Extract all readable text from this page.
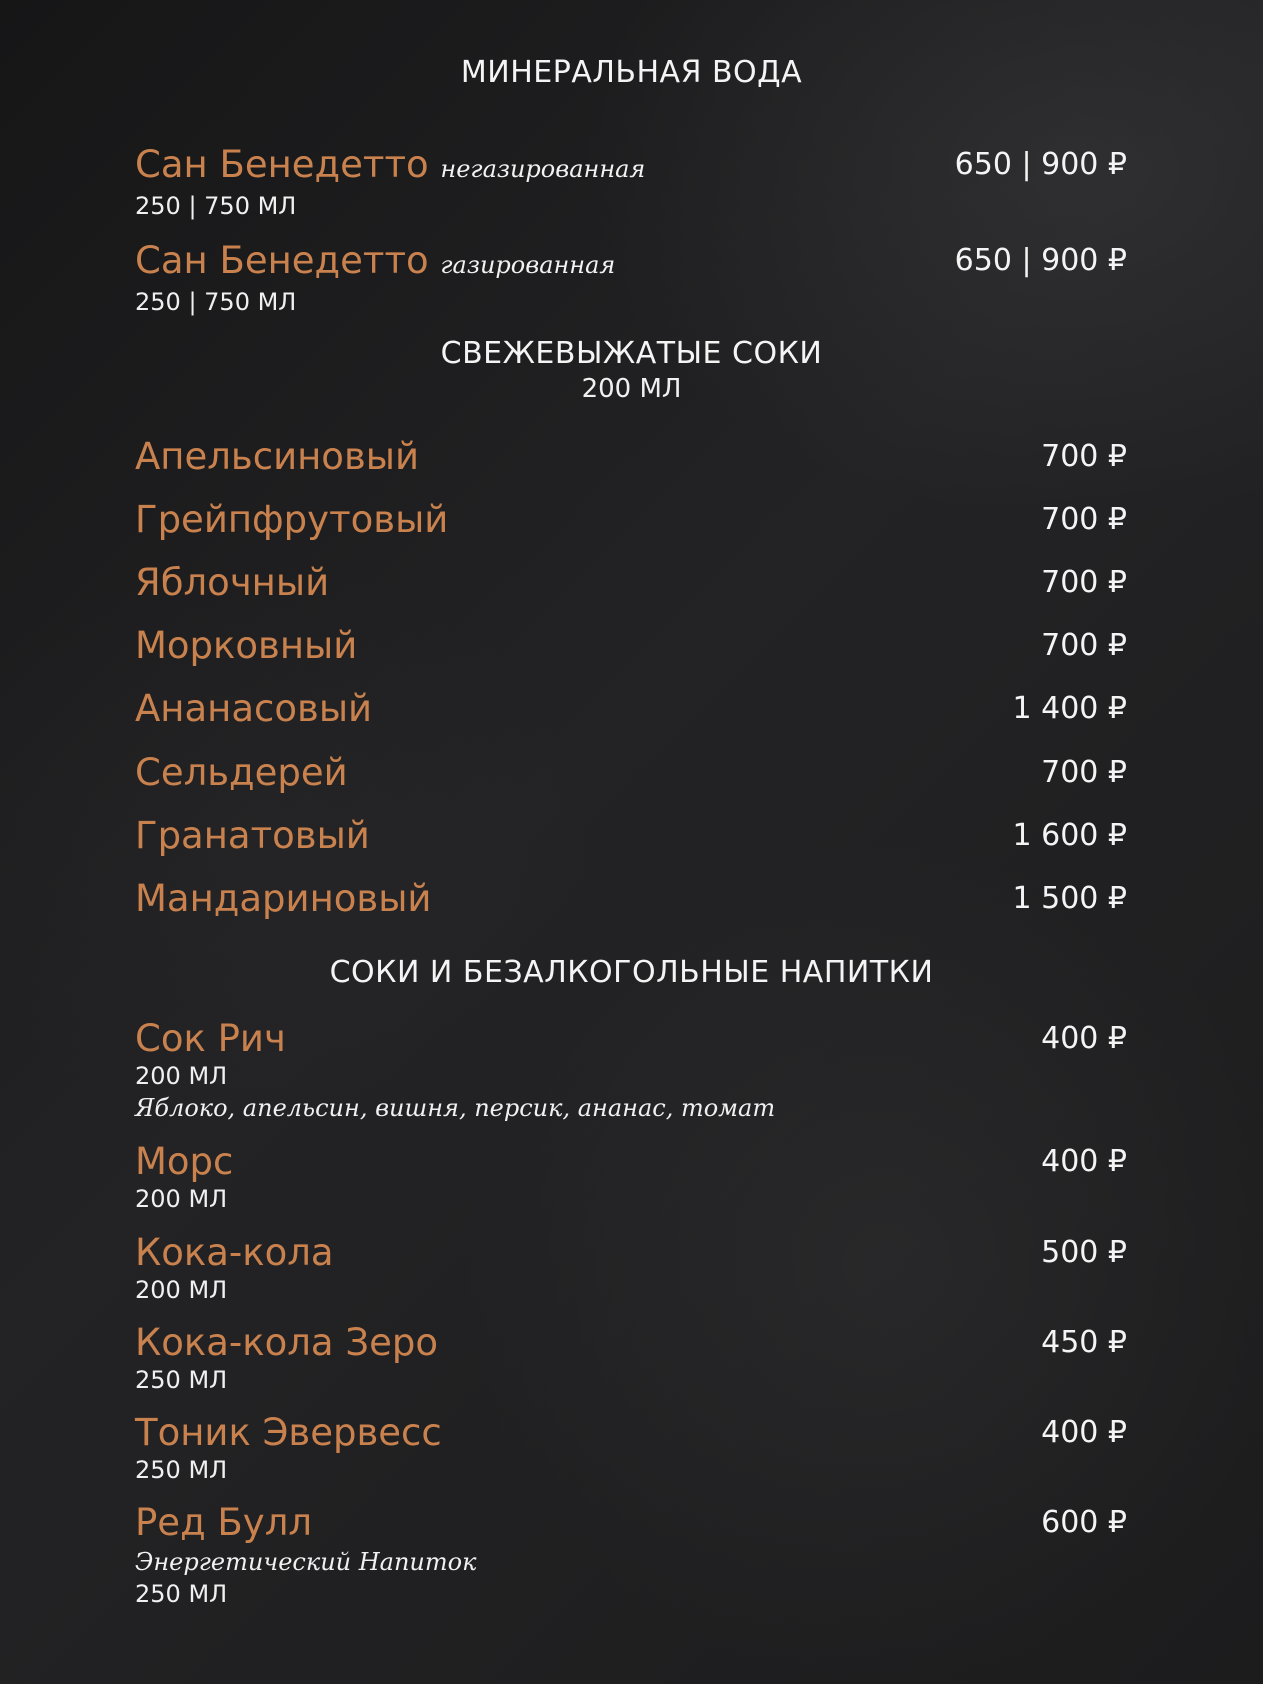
МИНЕРАЛЬНАЯ ВОДА
Сан Бенедетто негазированная
250 | 750 МЛ
650 | 900 ₽
Сан Бенедетто газированная
250 | 750 МЛ
650 | 900 ₽
СВЕЖЕВЫЖАТЫЕ СОКИ
200 МЛ
Апельсиновый	700 ₽
Грейпфрутовый	700 ₽
Яблочный	700 ₽
Морковный	700 ₽
Ананасовый	1 400 ₽
Сельдерей	700 ₽
Гранатовый	1 600 ₽
Мандариновый	1 500 ₽
СОКИ И БЕЗАЛКОГОЛЬНЫЕ НАПИТКИ
Сок Рич
200 МЛ
Яблоко, апельсин, вишня, персик, ананас, томат
400 ₽
Морс
200 МЛ
400 ₽
Кока-кола
200 МЛ
500 ₽
Кока-кола Зеро
250 МЛ
450 ₽
Тоник Эвервесс
250 МЛ
400 ₽
Ред Булл
Энергетический Напиток
250 МЛ
600 ₽
